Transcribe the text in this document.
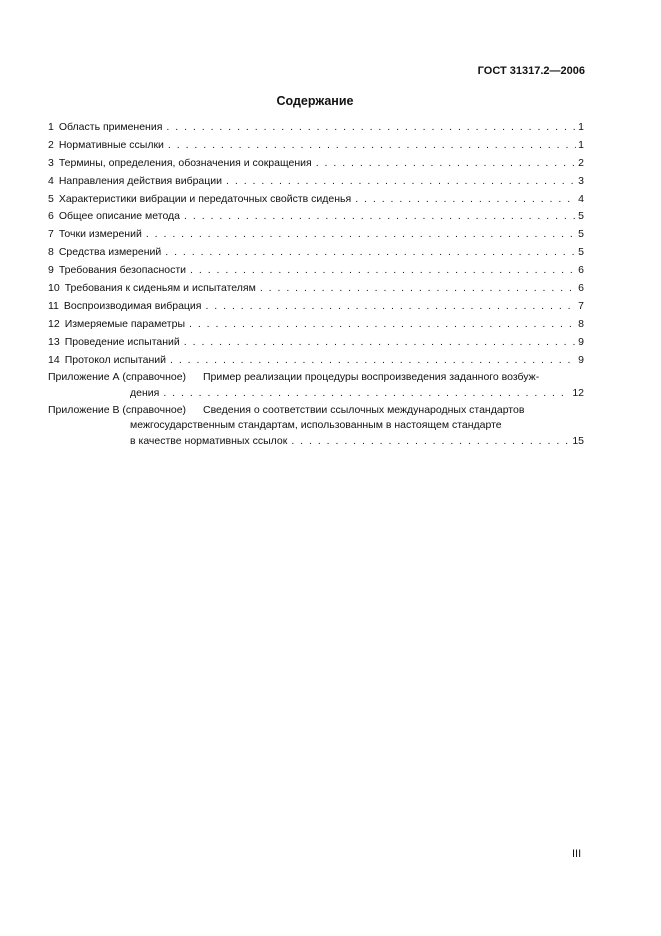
ГОСТ 31317.2—2006
Содержание
1 Область применения . . .	1
2 Нормативные ссылки . . .	1
3 Термины, определения, обозначения и сокращения . . .	2
4 Направления действия вибрации . . .	3
5 Характеристики вибрации и передаточных свойств сиденья . . .	4
6 Общее описание метода . . .	5
7 Точки измерений . . .	5
8 Средства измерений . . .	5
9 Требования безопасности . . .	6
10 Требования к сиденьям и испытателям . . .	6
11 Воспроизводимая вибрация . . .	7
12 Измеряемые параметры . . .	8
13 Проведение испытаний . . .	9
14 Протокол испытаний . . .	9
Приложение А (справочное)	Пример реализации процедуры воспроизведения заданного возбуж-
дения . . .	12
Приложение В (справочное)	Сведения о соответствии ссылочных международных стандартов
межгосударственным стандартам, использованным в настоящем стандарте
в качестве нормативных ссылок . . .	15
III
